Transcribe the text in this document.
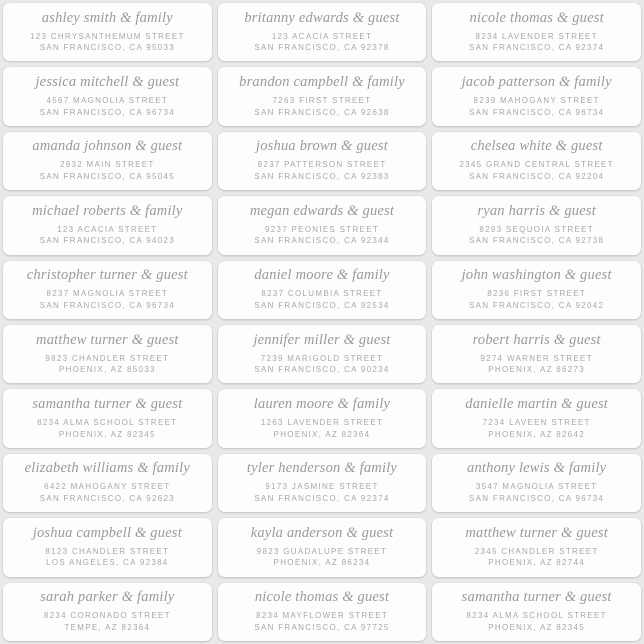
ashley smith & family
123 CHRYSANTHEMUM STREET
SAN FRANCISCO, CA 95033
britanny edwards & guest
123 ACACIA STREET
SAN FRANCISCO, CA 92378
nicole thomas & guest
8234 LAVENDER STREET
SAN FRANCISCO, CA 92374
jessica mitchell & guest
4567 MAGNOLIA STREET
SAN FRANCISCO, CA 96734
brandon campbell & family
7263 FIRST STREET
SAN FRANCISCO, CA 92638
jacob patterson & family
8239 MAHOGANY STREET
SAN FRANCISCO, CA 96734
amanda johnson & guest
2932 MAIN STREET
SAN FRANCISCO, CA 95045
joshua brown & guest
9237 PATTERSON STREET
SAN FRANCISCO, CA 92383
chelsea white & guest
2345 GRAND CENTRAL STREET
SAN FRANCISCO, CA 92204
michael roberts & family
123 ACACIA STREET
SAN FRANCISCO, CA 94023
megan edwards & guest
9237 PEONIES STREET
SAN FRANCISCO, CA 92344
ryan harris & guest
8293 SEQUOIA STREET
SAN FRANCISCO, CA 92738
christopher turner & guest
8237 MAGNOLIA STREET
SAN FRANCISCO, CA 96734
daniel moore & family
8237 COLUMBIA STREET
SAN FRANCISCO, CA 92534
john washington & guest
8236 FIRST STREET
SAN FRANCISCO, CA 92042
matthew turner & guest
9823 CHANDLER STREET
PHOENIX, AZ 85033
jennifer miller & guest
7239 MARIGOLD STREET
SAN FRANCISCO, CA 90234
robert harris & guest
9274 WARNER STREET
PHOENIX, AZ 86273
samantha turner & guest
8234 ALMA SCHOOL STREET
PHOENIX, AZ 82345
lauren moore & family
1263 LAVENDER STREET
PHOENIX, AZ 82364
danielle martin & guest
7234 LAVEEN STREET
PHOENIX, AZ 82642
elizabeth williams & family
6422 MAHOGANY STREET
SAN FRANCISCO, CA 92623
tyler henderson & family
9173 JASMINE STREET
SAN FRANCISCO, CA 92374
anthony lewis & family
3547 MAGNOLIA STREET
SAN FRANCISCO, CA 96734
joshua campbell & guest
8123 CHANDLER STREET
LOS ANGELES, CA 92384
kayla anderson & guest
9823 GUADALUPE STREET
PHOENIX, AZ 86234
matthew turner & guest
2345 CHANDLER STREET
PHOENIX, AZ 82744
sarah parker & family
8234 CORONADO STREET
TEMPE, AZ 82364
nicole thomas & guest
8234 MAYFLOWER STREET
SAN FRANCISCO, CA 97725
samantha turner & guest
8234 ALMA SCHOOL STREET
PHOENIX, AZ 82345
